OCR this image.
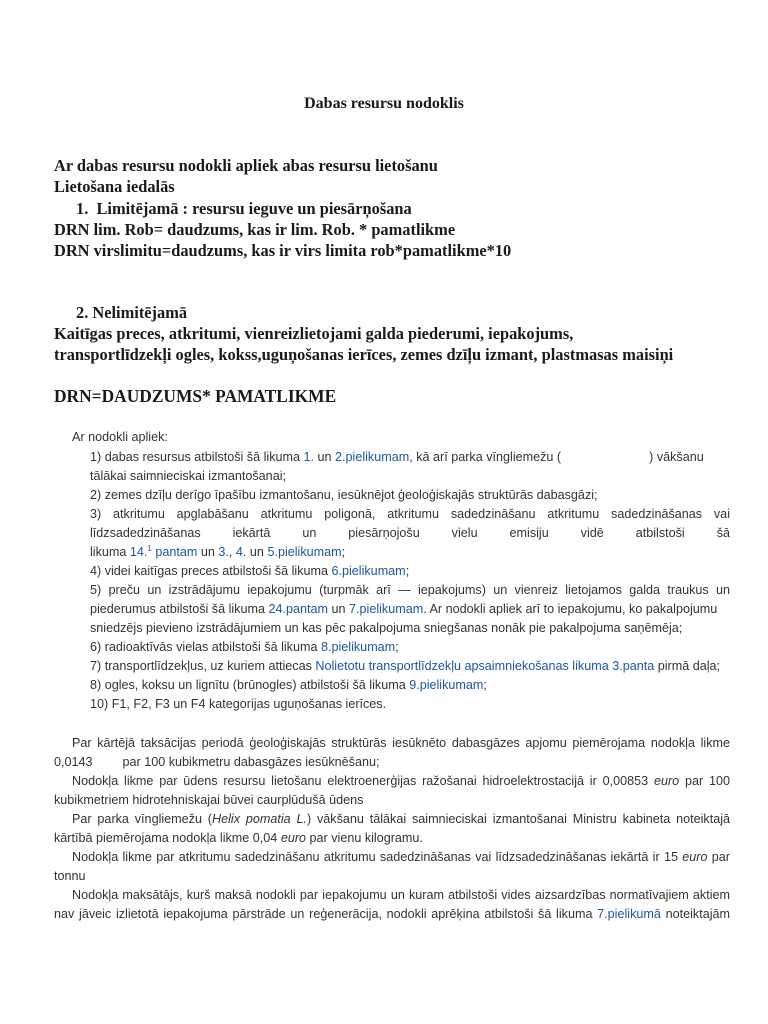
Dabas resursu nodoklis
Ar dabas resursu nodokli apliek abas resursu lietošanu
Lietošana iedalās
1.  Limitējamā : resursu ieguve un piesārņošana
DRN lim. Rob= daudzums, kas ir lim. Rob. * pamatlikme
DRN virslimitu=daudzums, kas ir virs limita rob*pamatlikme*10
2. Nelimitējamā
Kaitīgas preces, atkritumi, vienreizlietojami galda piederumi, iepakojums,
transportlīdzekļi ogles, kokss,uguņošanas ierīces, zemes dzīļu izmant, plastmasas maisiņi
DRN=DAUDZUMS* PAMATLIKME
Ar nodokli apliek:
1) dabas resursus atbilstoši šā likuma 1. un 2.pielikumam, kā arī parka vīngliemežu (	) vākšanu
tālākai saimnieciskai izmantošanai;
2) zemes dzīļu derīgo īpašību izmantošanu, iesūknējot ģeoloģiskajās struktūrās dabasgāzi;
3) atkritumu apglabāšanu atkritumu poligonā, atkritumu sadedzināšanu atkritumu sadedzināšanas vai
līdzsadedzināšanas iekārtā un piesārņojošu vielu emisiju vidē atbilstoši šā
likuma 14.$^1$ pantam un 3., 4. un 5.pielikumam;
4) videi kaitīgas preces atbilstoši šā likuma 6.pielikumam;
5) preču un izstrādājumu iepakojumu (turpmāk arī — iepakojums) un vienreiz lietojamos galda traukus un
piederumus atbilstoši šā likuma 24.pantam un 7.pielikumam. Ar nodokli apliek arī to iepakojumu, ko pakalpojumu
sniedzējs pievieno izstrādājumiem un kas pēc pakalpojuma sniegšanas nonāk pie pakalpojuma saņēmēja;
6) radioaktīvās vielas atbilstoši šā likuma 8.pielikumam;
7) transportlīdzekļus, uz kuriem attiecas Nolietotu transportlīdzekļu apsaimniekošanas likuma 3.panta pirmā daļa;
8) ogles, koksu un lignītu (brūnogles) atbilstoši šā likuma 9.pielikumam;
10) F1, F2, F3 un F4 kategorijas uguņošanas ierīces.
Par kārtējā taksācijas periodā ģeoloģiskajās struktūrās iesūknēto dabasgāzes apjomu piemērojama nodokļa likme
0,0143 par 100 kubikmetru dabasgāzes iesūknēšanu;
Nodokļa likme par ūdens resursu lietošanu elektroenerģijas ražošanai hidroelektrostacijā ir 0,00853 euro par 100
kubikmetriem hidrotehniskajai būvei caurplūdušā ūdens
Par parka vīngliemežu (Helix pomatia L.) vākšanu tālākai saimnieciskai izmantošanai Ministru kabineta noteiktajā
kārtībā piemērojama nodokļa likme 0,04 euro par vienu kilogramu.
Nodokļa likme par atkritumu sadedzināšanu atkritumu sadedzināšanas vai līdzsadedzināšanas iekārtā ir 15 euro par
tonnu
Nodokļa maksātājs, kurš maksā nodokli par iepakojumu un kuram atbilstoši vides aizsardzības normatīvajiem aktiem
nav jāveic izlietotā iepakojuma pārstrāde un reģenerācija, nodokli aprēķina atbilstoši šā likuma 7.pielikumā noteiktajām
